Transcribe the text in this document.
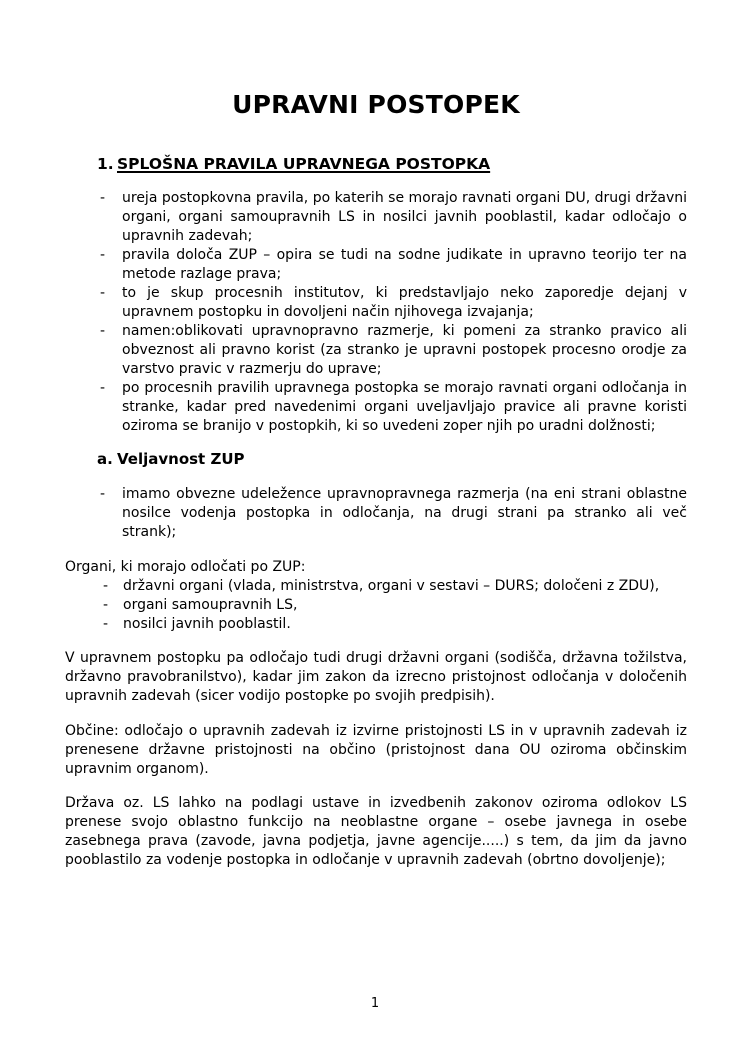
UPRAVNI POSTOPEK
1. SPLOŠNA PRAVILA UPRAVNEGA POSTOPKA
-	ureja postopkovna pravila, po katerih se morajo ravnati organi DU, drugi državni organi, organi samoupravnih LS in nosilci javnih pooblastil, kadar odločajo o upravnih zadevah;
-	pravila določa ZUP – opira se tudi na sodne judikate in upravno teorijo ter na metode razlage prava;
-	to je skup procesnih institutov, ki predstavljajo neko zaporedje dejanj v upravnem postopku in dovoljeni način njihovega izvajanja;
-	namen:oblikovati upravnopravno razmerje, ki pomeni za stranko pravico ali obveznost ali pravno korist (za stranko je upravni postopek procesno orodje za varstvo pravic v razmerju do uprave;
-	po procesnih pravilih upravnega postopka se morajo ravnati organi odločanja in stranke, kadar pred navedenimi organi uveljavljajo pravice ali pravne koristi oziroma se branijo v postopkih, ki so uvedeni zoper njih po uradni dolžnosti;
a. Veljavnost ZUP
-	imamo obvezne udeležence upravnopravnega razmerja (na eni strani oblastne nosilce vodenja postopka in odločanja, na drugi strani pa stranko ali več strank);
Organi, ki morajo odločati po ZUP:
-	državni organi (vlada, ministrstva, organi v sestavi – DURS; določeni z ZDU),
-	organi samoupravnih LS,
-	nosilci javnih pooblastil.
V upravnem postopku pa odločajo tudi drugi državni organi (sodišča, državna tožilstva, državno pravobranilstvo), kadar jim zakon da izrecno pristojnost odločanja v določenih upravnih zadevah (sicer vodijo postopke po svojih predpisih).
Občine: odločajo o upravnih zadevah iz izvirne pristojnosti LS in v upravnih zadevah iz prenesene državne pristojnosti na občino (pristojnost dana OU oziroma občinskim upravnim organom).
Država oz. LS lahko na podlagi ustave in izvedbenih zakonov oziroma odlokov LS prenese svojo oblastno funkcijo na neoblastne organe – osebe javnega in osebe zasebnega prava (zavode, javna podjetja, javne agencije.....) s tem, da jim da javno pooblastilo za vodenje postopka in odločanje v upravnih zadevah (obrtno dovoljenje);
1
